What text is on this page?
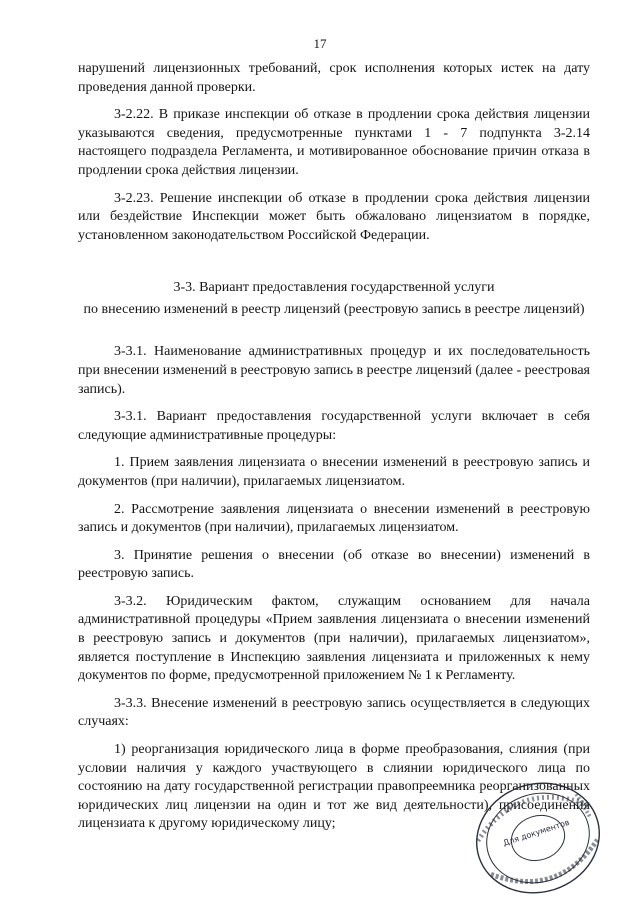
17

нарушений лицензионных требований, срок исполнения которых истек на дату проведения данной проверки.

3-2.22. В приказе инспекции об отказе в продлении срока действия лицензии указываются сведения, предусмотренные пунктами 1 - 7 подпункта 3-2.14 настоящего подраздела Регламента, и мотивированное обоснование причин отказа в продлении срока действия лицензии.

3-2.23. Решение инспекции об отказе в продлении срока действия лицензии или бездействие Инспекции может быть обжаловано лицензиатом в порядке, установленном законодательством Российской Федерации.

3-3. Вариант предоставления государственной услуги
по внесению изменений в реестр лицензий (реестровую запись в реестре лицензий)

3-3.1. Наименование административных процедур и их последовательность при внесении изменений в реестровую запись в реестре лицензий (далее - реестровая запись).

3-3.1. Вариант предоставления государственной услуги включает в себя следующие административные процедуры:

1. Прием заявления лицензиата о внесении изменений в реестровую запись и документов (при наличии), прилагаемых лицензиатом.

2. Рассмотрение заявления лицензиата о внесении изменений в реестровую запись и документов (при наличии), прилагаемых лицензиатом.

3. Принятие решения о внесении (об отказе во внесении) изменений в реестровую запись.

3-3.2. Юридическим фактом, служащим основанием для начала административной процедуры «Прием заявления лицензиата о внесении изменений в реестровую запись и документов (при наличии), прилагаемых лицензиатом», является поступление в Инспекцию заявления лицензиата и приложенных к нему документов по форме, предусмотренной приложением № 1 к Регламенту.

3-3.3. Внесение изменений в реестровую запись осуществляется в следующих случаях:

1) реорганизация юридического лица в форме преобразования, слияния (при условии наличия у каждого участвующего в слиянии юридического лица по состоянию на дату государственной регистрации правопреемника реорганизованных юридических лиц лицензии на один и тот же вид деятельности), присоединения лицензиата к другому юридическому лицу;	Для документов
